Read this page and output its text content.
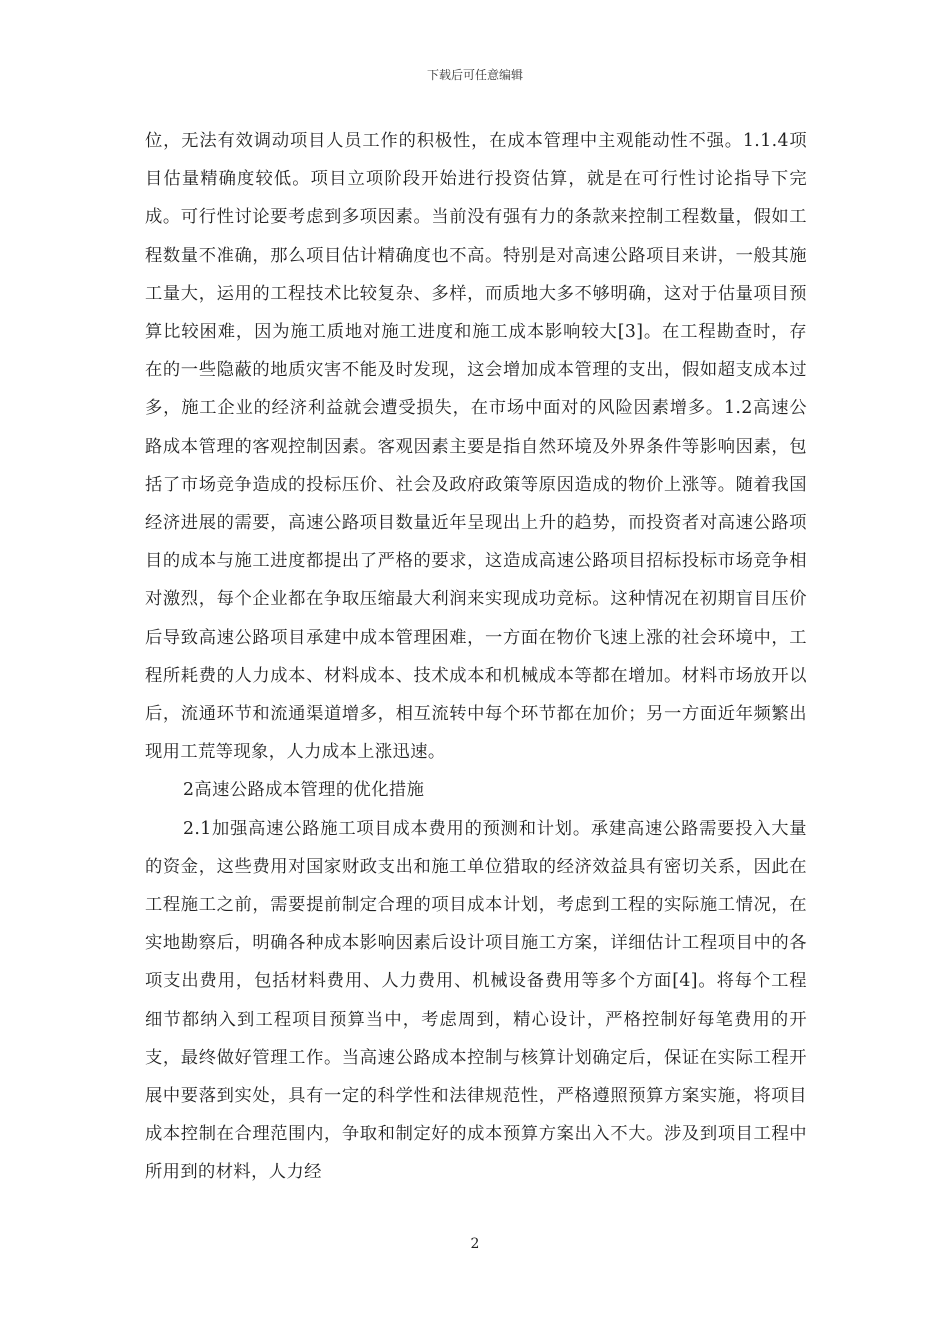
下载后可任意编辑

位，无法有效调动项目人员工作的积极性，在成本管理中主观能动性不强。1.1.4项目估量精确度较低。项目立项阶段开始进行投资估算，就是在可行性讨论指导下完成。可行性讨论要考虑到多项因素。当前没有强有力的条款来控制工程数量，假如工程数量不准确，那么项目估计精确度也不高。特别是对高速公路项目来讲，一般其施工量大，运用的工程技术比较复杂、多样，而质地大多不够明确，这对于估量项目预算比较困难，因为施工质地对施工进度和施工成本影响较大[3]。在工程勘查时，存在的一些隐蔽的地质灾害不能及时发现，这会增加成本管理的支出，假如超支成本过多，施工企业的经济利益就会遭受损失，在市场中面对的风险因素增多。1.2高速公路成本管理的客观控制因素。客观因素主要是指自然环境及外界条件等影响因素，包括了市场竞争造成的投标压价、社会及政府政策等原因造成的物价上涨等。随着我国经济进展的需要，高速公路项目数量近年呈现出上升的趋势，而投资者对高速公路项目的成本与施工进度都提出了严格的要求，这造成高速公路项目招标投标市场竞争相对激烈，每个企业都在争取压缩最大利润来实现成功竞标。这种情况在初期盲目压价后导致高速公路项目承建中成本管理困难，一方面在物价飞速上涨的社会环境中，工程所耗费的人力成本、材料成本、技术成本和机械成本等都在增加。材料市场放开以后，流通环节和流通渠道增多，相互流转中每个环节都在加价；另一方面近年频繁出现用工荒等现象，人力成本上涨迅速。

2高速公路成本管理的优化措施

2.1加强高速公路施工项目成本费用的预测和计划。承建高速公路需要投入大量的资金，这些费用对国家财政支出和施工单位猎取的经济效益具有密切关系，因此在工程施工之前，需要提前制定合理的项目成本计划，考虑到工程的实际施工情况，在实地勘察后，明确各种成本影响因素后设计项目施工方案，详细估计工程项目中的各项支出费用，包括材料费用、人力费用、机械设备费用等多个方面[4]。将每个工程细节都纳入到工程项目预算当中，考虑周到，精心设计，严格控制好每笔费用的开支，最终做好管理工作。当高速公路成本控制与核算计划确定后，保证在实际工程开展中要落到实处，具有一定的科学性和法律规范性，严格遵照预算方案实施，将项目成本控制在合理范围内，争取和制定好的成本预算方案出入不大。涉及到项目工程中所用到的材料，人力经

2
